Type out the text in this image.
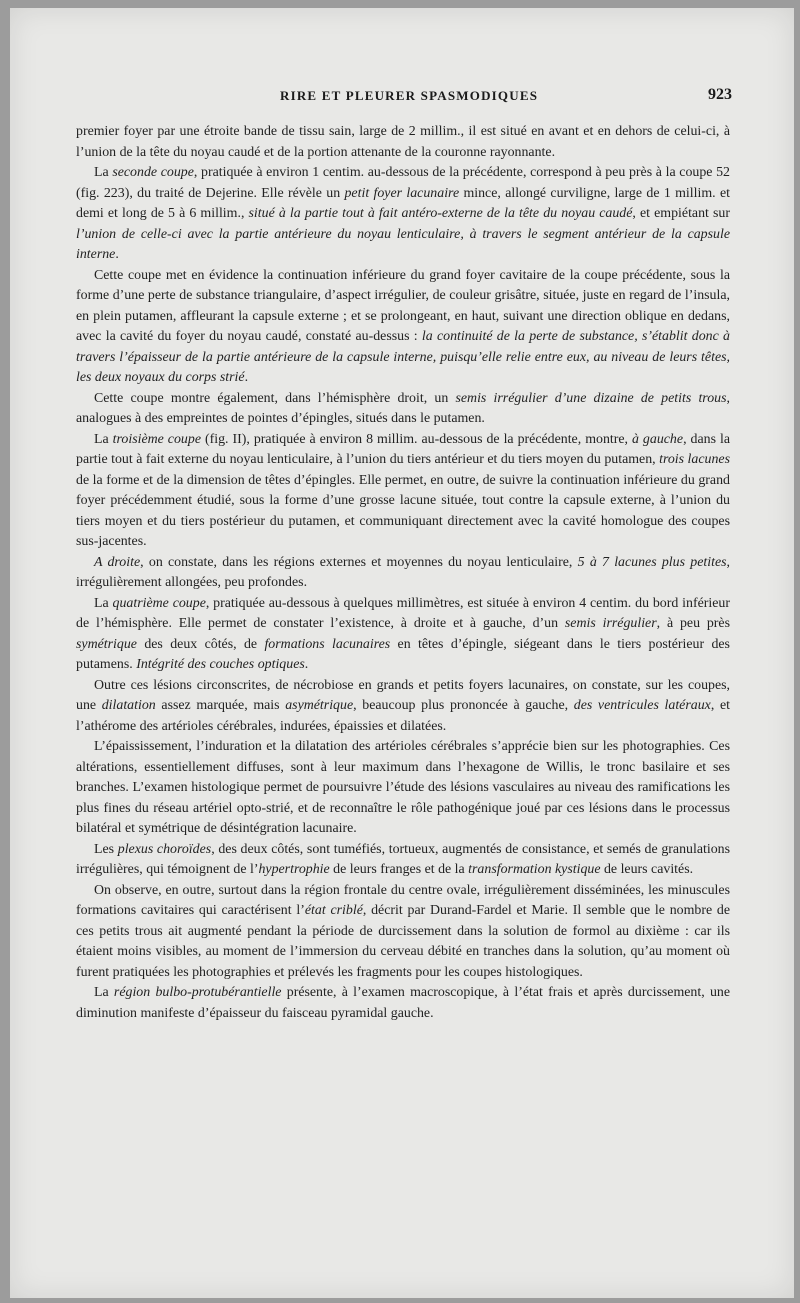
RIRE ET PLEURER SPASMODIQUES	923

premier foyer par une étroite bande de tissu sain, large de 2 millim., il est situé en avant et en dehors de celui-ci, à l’union de la tête du noyau caudé et de la portion attenante de la couronne rayonnante.

La seconde coupe, pratiquée à environ 1 centim. au-dessous de la précédente, correspond à peu près à la coupe 52 (fig. 223), du traité de Dejerine. Elle révèle un petit foyer lacunaire mince, allongé curviligne, large de 1 millim. et demi et long de 5 à 6 millim., situé à la partie tout à fait antéro-externe de la tête du noyau caudé, et empiétant sur l’union de celle-ci avec la partie antérieure du noyau lenticulaire, à travers le segment antérieur de la capsule interne.

Cette coupe met en évidence la continuation inférieure du grand foyer cavitaire de la coupe précédente, sous la forme d’une perte de substance triangulaire, d’aspect irrégulier, de couleur grisâtre, située, juste en regard de l’insula, en plein putamen, affleurant la capsule externe ; et se prolongeant, en haut, suivant une direction oblique en dedans, avec la cavité du foyer du noyau caudé, constaté au-dessus : la continuité de la perte de substance, s’établit donc à travers l’épaisseur de la partie antérieure de la capsule interne, puisqu’elle relie entre eux, au niveau de leurs têtes, les deux noyaux du corps strié.

Cette coupe montre également, dans l’hémisphère droit, un semis irrégulier d’une dizaine de petits trous, analogues à des empreintes de pointes d’épingles, situés dans le putamen.

La troisième coupe (fig. II), pratiquée à environ 8 millim. au-dessous de la précédente, montre, à gauche, dans la partie tout à fait externe du noyau lenticulaire, à l’union du tiers antérieur et du tiers moyen du putamen, trois lacunes de la forme et de la dimension de têtes d’épingles. Elle permet, en outre, de suivre la continuation inférieure du grand foyer précédemment étudié, sous la forme d’une grosse lacune située, tout contre la capsule externe, à l’union du tiers moyen et du tiers postérieur du putamen, et communiquant directement avec la cavité homologue des coupes sus-jacentes.

A droite, on constate, dans les régions externes et moyennes du noyau lenticulaire, 5 à 7 lacunes plus petites, irrégulièrement allongées, peu profondes.

La quatrième coupe, pratiquée au-dessous à quelques millimètres, est située à environ 4 centim. du bord inférieur de l’hémisphère. Elle permet de constater l’existence, à droite et à gauche, d’un semis irrégulier, à peu près symétrique des deux côtés, de formations lacunaires en têtes d’épingle, siégeant dans le tiers postérieur des putamens. Intégrité des couches optiques.

Outre ces lésions circonscrites, de nécrobiose en grands et petits foyers lacunaires, on constate, sur les coupes, une dilatation assez marquée, mais asymétrique, beaucoup plus prononcée à gauche, des ventricules latéraux, et l’athérome des artérioles cérébrales, indurées, épaissies et dilatées.

L’épaississement, l’induration et la dilatation des artérioles cérébrales s’apprécie bien sur les photographies. Ces altérations, essentiellement diffuses, sont à leur maximum dans l’hexagone de Willis, le tronc basilaire et ses branches. L’examen histologique permet de poursuivre l’étude des lésions vasculaires au niveau des ramifications les plus fines du réseau artériel opto-strié, et de reconnaître le rôle pathogénique joué par ces lésions dans le processus bilatéral et symétrique de désintégration lacunaire.

Les plexus choroïdes, des deux côtés, sont tuméfiés, tortueux, augmentés de consistance, et semés de granulations irrégulières, qui témoignent de l’hypertrophie de leurs franges et de la transformation kystique de leurs cavités.

On observe, en outre, surtout dans la région frontale du centre ovale, irrégulièrement disséminées, les minuscules formations cavitaires qui caractérisent l’état criblé, décrit par Durand-Fardel et Marie. Il semble que le nombre de ces petits trous ait augmenté pendant la période de durcissement dans la solution de formol au dixième : car ils étaient moins visibles, au moment de l’immersion du cerveau débité en tranches dans la solution, qu’au moment où furent pratiquées les photographies et prélevés les fragments pour les coupes histologiques.

La région bulbo-protubérantielle présente, à l’examen macroscopique, à l’état frais et après durcissement, une diminution manifeste d’épaisseur du faisceau pyramidal gauche.
